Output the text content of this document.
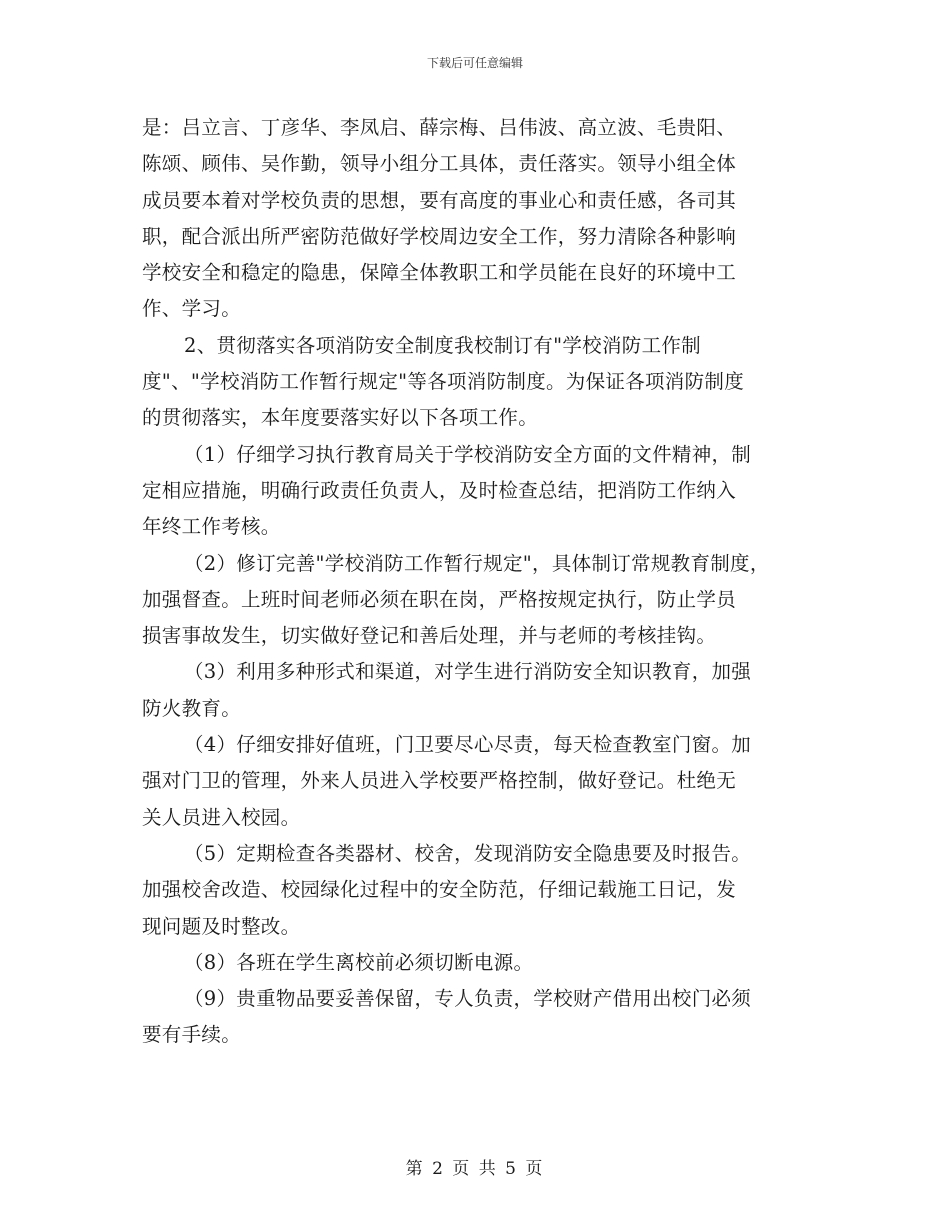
下载后可任意编辑
是：吕立言、丁彦华、李凤启、薛宗梅、吕伟波、高立波、毛贵阳、
陈颂、顾伟、吴作勤，领导小组分工具体，责任落实。领导小组全体
成员要本着对学校负责的思想，要有高度的事业心和责任感，各司其
职，配合派出所严密防范做好学校周边安全工作，努力清除各种影响
学校安全和稳定的隐患，保障全体教职工和学员能在良好的环境中工
作、学习。
2、贯彻落实各项消防安全制度我校制订有"学校消防工作制
度"、"学校消防工作暂行规定"等各项消防制度。为保证各项消防制度
的贯彻落实，本年度要落实好以下各项工作。
（1）仔细学习执行教育局关于学校消防安全方面的文件精神，制
定相应措施，明确行政责任负责人，及时检查总结，把消防工作纳入
年终工作考核。
（2）修订完善"学校消防工作暂行规定"，具体制订常规教育制度，
加强督查。上班时间老师必须在职在岗，严格按规定执行，防止学员
损害事故发生，切实做好登记和善后处理，并与老师的考核挂钩。
（3）利用多种形式和渠道，对学生进行消防安全知识教育，加强
防火教育。
（4）仔细安排好值班，门卫要尽心尽责，每天检查教室门窗。加
强对门卫的管理，外来人员进入学校要严格控制，做好登记。杜绝无
关人员进入校园。
（5）定期检查各类器材、校舍，发现消防安全隐患要及时报告。
加强校舍改造、校园绿化过程中的安全防范，仔细记载施工日记，发
现问题及时整改。
（8）各班在学生离校前必须切断电源。
（9）贵重物品要妥善保留，专人负责，学校财产借用出校门必须
要有手续。
第 2 页 共 5 页
